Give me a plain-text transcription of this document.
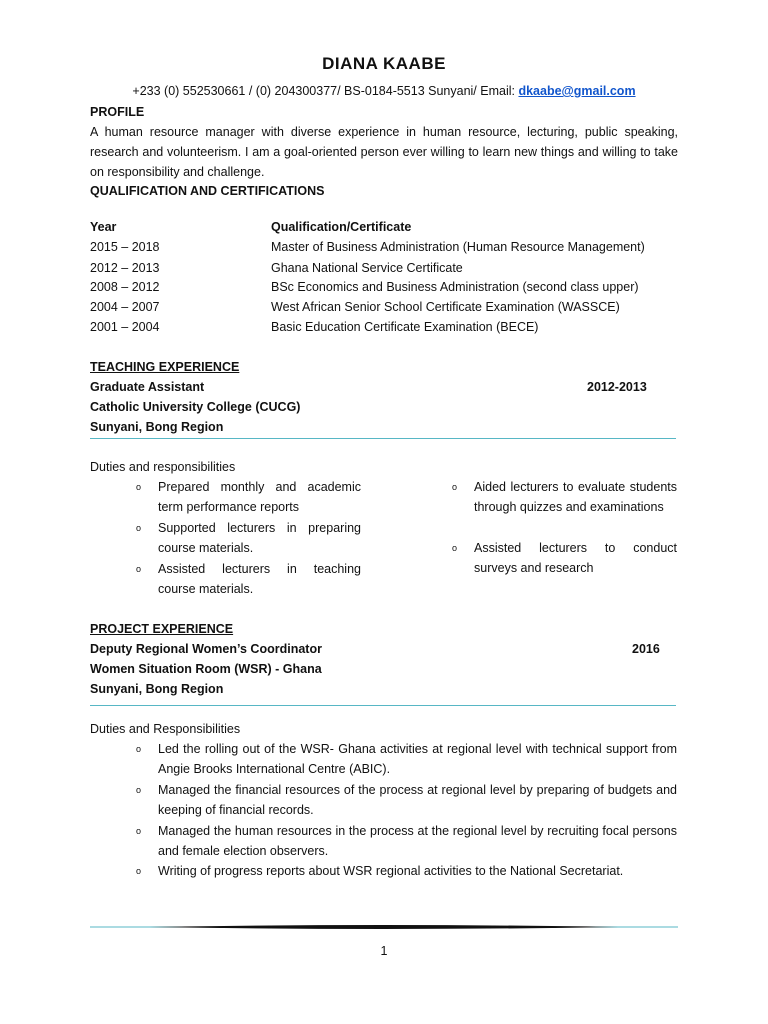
DIANA KAABE
+233 (0) 552530661 / (0) 204300377/ BS-0184-5513 Sunyani/ Email: dkaabe@gmail.com
PROFILE
A human resource manager with diverse experience in human resource, lecturing, public speaking, research and volunteerism. I am a goal-oriented person ever willing to learn new things and willing to take on responsibility and challenge.
QUALIFICATION AND CERTIFICATIONS
Year	Qualification/Certificate
2015 – 2018	Master of Business Administration (Human Resource Management)
2012 – 2013	Ghana National Service Certificate
2008 – 2012	BSc Economics and Business Administration (second class upper)
2004 – 2007	West African Senior School Certificate Examination (WASSCE)
2001 – 2004	Basic Education Certificate Examination (BECE)
TEACHING EXPERIENCE
Graduate Assistant	2012-2013
Catholic University College (CUCG)
Sunyani, Bong Region
Duties and responsibilities
o Prepared monthly and academic term performance reports
o Supported lecturers in preparing course materials.
o Assisted lecturers in teaching course materials.
o Aided lecturers to evaluate students through quizzes and examinations
o Assisted lecturers to conduct surveys and research
PROJECT EXPERIENCE
Deputy Regional Women’s Coordinator	2016
Women Situation Room (WSR) - Ghana
Sunyani, Bong Region
Duties and Responsibilities
o Led the rolling out of the WSR- Ghana activities at regional level with technical support from Angie Brooks International Centre (ABIC).
o Managed the financial resources of the process at regional level by preparing of budgets and keeping of financial records.
o Managed the human resources in the process at the regional level by recruiting focal persons and female election observers.
o Writing of progress reports about WSR regional activities to the National Secretariat.
1
